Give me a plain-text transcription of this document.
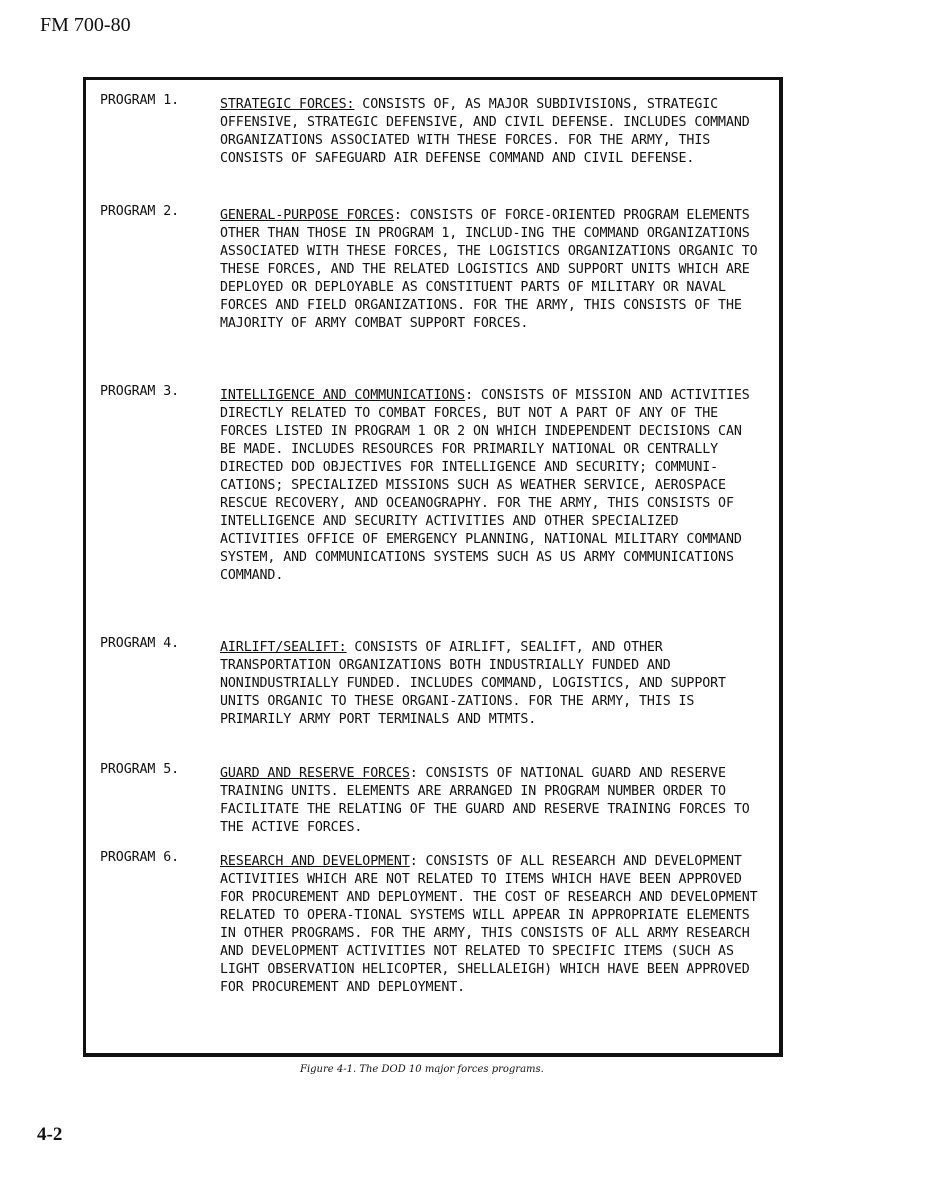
FM 700-80
PROGRAM 1.	STRATEGIC FORCES: CONSISTS OF, AS MAJOR SUBDIVISIONS, STRATEGIC OFFENSIVE, STRATEGIC DEFENSIVE, AND CIVIL DEFENSE. INCLUDES COMMAND ORGANIZATIONS ASSOCIATED WITH THESE FORCES. FOR THE ARMY, THIS CONSISTS OF SAFEGUARD AIR DEFENSE COMMAND AND CIVIL DEFENSE.
PROGRAM 2.	GENERAL-PURPOSE FORCES: CONSISTS OF FORCE-ORIENTED PROGRAM ELEMENTS OTHER THAN THOSE IN PROGRAM 1, INCLUD-ING THE COMMAND ORGANIZATIONS ASSOCIATED WITH THESE FORCES, THE LOGISTICS ORGANIZATIONS ORGANIC TO THESE FORCES, AND THE RELATED LOGISTICS AND SUPPORT UNITS WHICH ARE DEPLOYED OR DEPLOYABLE AS CONSTITUENT PARTS OF MILITARY OR NAVAL FORCES AND FIELD ORGANIZATIONS. FOR THE ARMY, THIS CONSISTS OF THE MAJORITY OF ARMY COMBAT SUPPORT FORCES.
PROGRAM 3.	INTELLIGENCE AND COMMUNICATIONS: CONSISTS OF MISSION AND ACTIVITIES DIRECTLY RELATED TO COMBAT FORCES, BUT NOT A PART OF ANY OF THE FORCES LISTED IN PROGRAM 1 OR 2 ON WHICH INDEPENDENT DECISIONS CAN BE MADE. INCLUDES RESOURCES FOR PRIMARILY NATIONAL OR CENTRALLY DIRECTED DOD OBJECTIVES FOR INTELLIGENCE AND SECURITY; COMMUNI-CATIONS; SPECIALIZED MISSIONS SUCH AS WEATHER SERVICE, AEROSPACE RESCUE RECOVERY, AND OCEANOGRAPHY. FOR THE ARMY, THIS CONSISTS OF INTELLIGENCE AND SECURITY ACTIVITIES AND OTHER SPECIALIZED ACTIVITIES OFFICE OF EMERGENCY PLANNING, NATIONAL MILITARY COMMAND SYSTEM, AND COMMUNICATIONS SYSTEMS SUCH AS US ARMY COMMUNICATIONS COMMAND.
PROGRAM 4.	AIRLIFT/SEALIFT: CONSISTS OF AIRLIFT, SEALIFT, AND OTHER TRANSPORTATION ORGANIZATIONS BOTH INDUSTRIALLY FUNDED AND NONINDUSTRIALLY FUNDED. INCLUDES COMMAND, LOGISTICS, AND SUPPORT UNITS ORGANIC TO THESE ORGANI-ZATIONS. FOR THE ARMY, THIS IS PRIMARILY ARMY PORT TERMINALS AND MTMTS.
PROGRAM 5.	GUARD AND RESERVE FORCES: CONSISTS OF NATIONAL GUARD AND RESERVE TRAINING UNITS. ELEMENTS ARE ARRANGED IN PROGRAM NUMBER ORDER TO FACILITATE THE RELATING OF THE GUARD AND RESERVE TRAINING FORCES TO THE ACTIVE FORCES.
PROGRAM 6.	RESEARCH AND DEVELOPMENT: CONSISTS OF ALL RESEARCH AND DEVELOPMENT ACTIVITIES WHICH ARE NOT RELATED TO ITEMS WHICH HAVE BEEN APPROVED FOR PROCUREMENT AND DEPLOYMENT. THE COST OF RESEARCH AND DEVELOPMENT RELATED TO OPERA-TIONAL SYSTEMS WILL APPEAR IN APPROPRIATE ELEMENTS IN OTHER PROGRAMS. FOR THE ARMY, THIS CONSISTS OF ALL ARMY RESEARCH AND DEVELOPMENT ACTIVITIES NOT RELATED TO SPECIFIC ITEMS (SUCH AS LIGHT OBSERVATION HELICOPTER, SHELLALEIGH) WHICH HAVE BEEN APPROVED FOR PROCUREMENT AND DEPLOYMENT.
Figure 4-1. The DOD 10 major forces programs.
4-2
